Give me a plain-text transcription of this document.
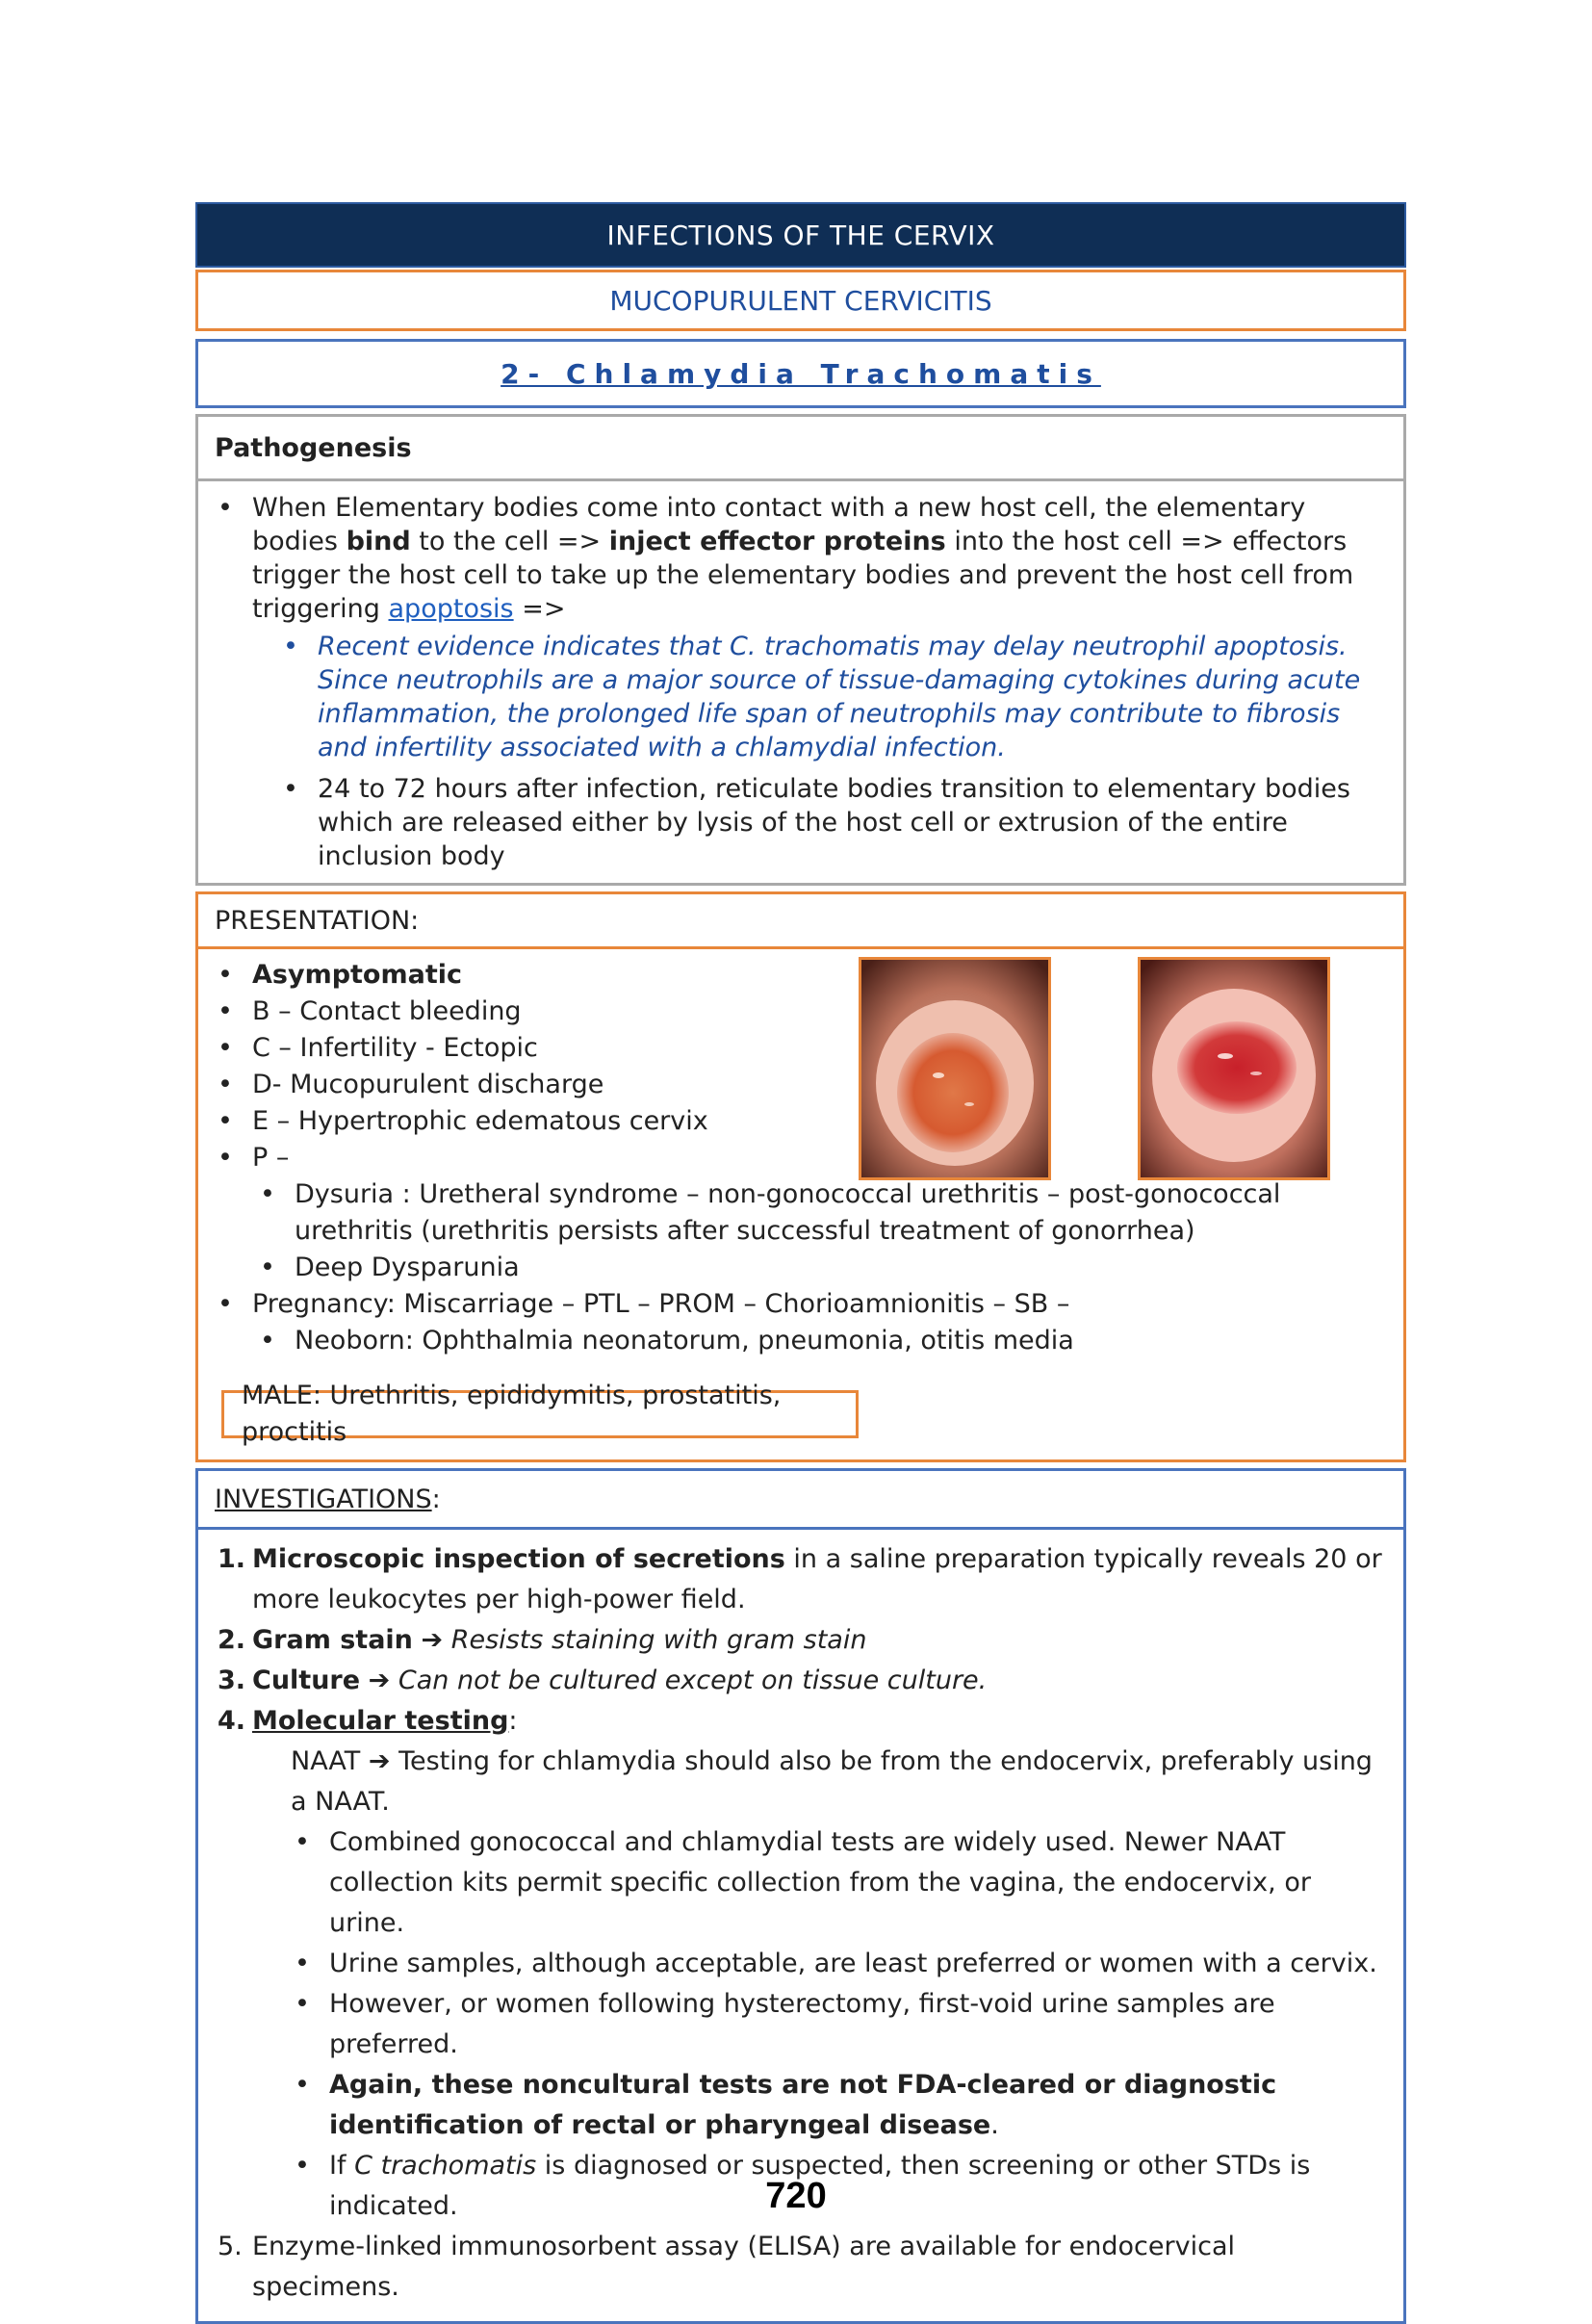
INFECTIONS OF THE CERVIX
MUCOPURULENT CERVICITIS
2- Chlamydia Trachomatis
Pathogenesis
• When Elementary bodies come into contact with a new host cell, the elementary bodies bind to the cell => inject effector proteins into the host cell => effectors trigger the host cell to take up the elementary bodies and prevent the host cell from triggering apoptosis =>
• Recent evidence indicates that C. trachomatis may delay neutrophil apoptosis. Since neutrophils are a major source of tissue-damaging cytokines during acute inflammation, the prolonged life span of neutrophils may contribute to fibrosis and infertility associated with a chlamydial infection.
• 24 to 72 hours after infection, reticulate bodies transition to elementary bodies which are released either by lysis of the host cell or extrusion of the entire inclusion body
PRESENTATION:
• Asymptomatic
• B – Contact bleeding
• C – Infertility - Ectopic
• D- Mucopurulent discharge
• E – Hypertrophic edematous cervix
• P –
• Dysuria : Uretheral syndrome – non-gonococcal urethritis – post-gonococcal urethritis (urethritis persists after successful treatment of gonorrhea)
• Deep Dysparunia
• Pregnancy: Miscarriage – PTL – PROM – Chorioamnionitis – SB –
• Neoborn: Ophthalmia neonatorum, pneumonia, otitis media
MALE: Urethritis, epididymitis, prostatitis, proctitis
INVESTIGATIONS :
1. Microscopic inspection of secretions in a saline preparation typically reveals 20 or more leukocytes per high-power field.
2. Gram stain ➔ Resists staining with gram stain
3. Culture ➔ Can not be cultured except on tissue culture.
4. Molecular testing:
NAAT ➔ Testing for chlamydia should also be from the endocervix, preferably using a NAAT.
• Combined gonococcal and chlamydial tests are widely used. Newer NAAT collection kits permit specific collection from the vagina, the endocervix, or urine.
• Urine samples, although acceptable, are least preferred or women with a cervix.
• However, or women following hysterectomy, first-void urine samples are preferred.
• Again, these noncultural tests are not FDA-cleared or diagnostic identification of rectal or pharyngeal disease.
• If C trachomatis is diagnosed or suspected, then screening or other STDs is indicated.
5. Enzyme-linked immunosorbent assay (ELISA) are available for endocervical specimens.
720
